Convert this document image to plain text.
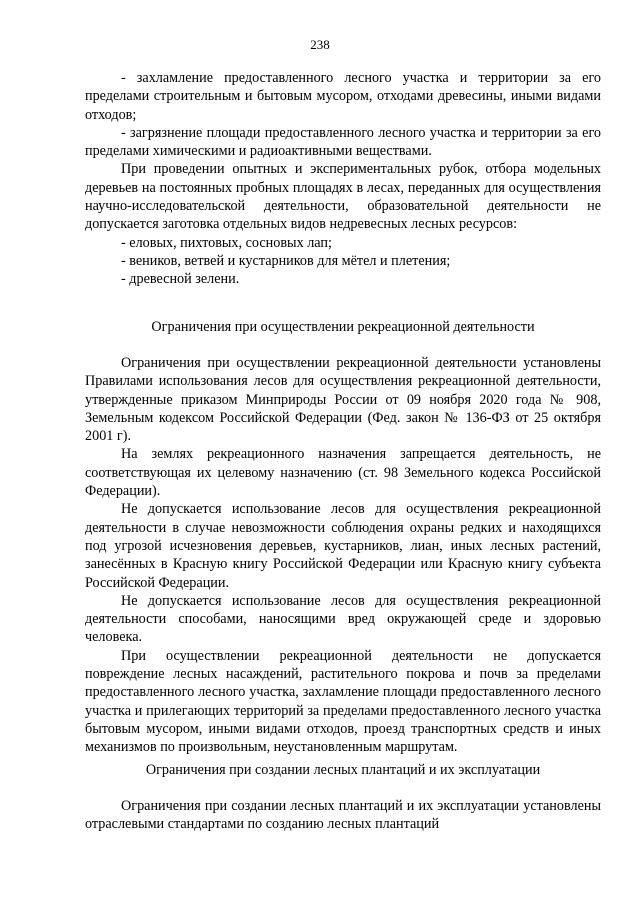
238

- захламление предоставленного лесного участка и территории за его пределами строительным и бытовым мусором, отходами древесины, иными видами отходов;

- загрязнение площади предоставленного лесного участка и территории за его пределами химическими и радиоактивными веществами.

При проведении опытных и экспериментальных рубок, отбора модельных деревьев на постоянных пробных площадях в лесах, переданных для осуществления научно-исследовательской деятельности, образовательной деятельности не допускается заготовка отдельных видов недревесных лесных ресурсов:

- еловых, пихтовых, сосновых лап;

- веников, ветвей и кустарников для мётел и плетения;

- древесной зелени.

Ограничения при осуществлении рекреационной деятельности

Ограничения при осуществлении рекреационной деятельности установлены Правилами использования лесов для осуществления рекреационной деятельности, утвержденные приказом Минприроды России от 09 ноября 2020 года № 908, Земельным кодексом Российской Федерации (Фед. закон № 136-ФЗ от 25 октября 2001 г).

На землях рекреационного назначения запрещается деятельность, не соответствующая их целевому назначению (ст. 98 Земельного кодекса Российской Федерации).

Не допускается использование лесов для осуществления рекреационной деятельности в случае невозможности соблюдения охраны редких и находящихся под угрозой исчезновения деревьев, кустарников, лиан, иных лесных растений, занесённых в Красную книгу Российской Федерации или Красную книгу субъекта Российской Федерации.

Не допускается использование лесов для осуществления рекреационной деятельности способами, наносящими вред окружающей среде и здоровью человека.

При осуществлении рекреационной деятельности не допускается повреждение лесных насаждений, растительного покрова и почв за пределами предоставленного лесного участка, захламление площади предоставленного лесного участка и прилегающих территорий за пределами предоставленного лесного участка бытовым мусором, иными видами отходов, проезд транспортных средств и иных механизмов по произвольным, неустановленным маршрутам.

Ограничения при создании лесных плантаций и их эксплуатации

Ограничения при создании лесных плантаций и их эксплуатации установлены отраслевыми стандартами по созданию лесных плантаций
